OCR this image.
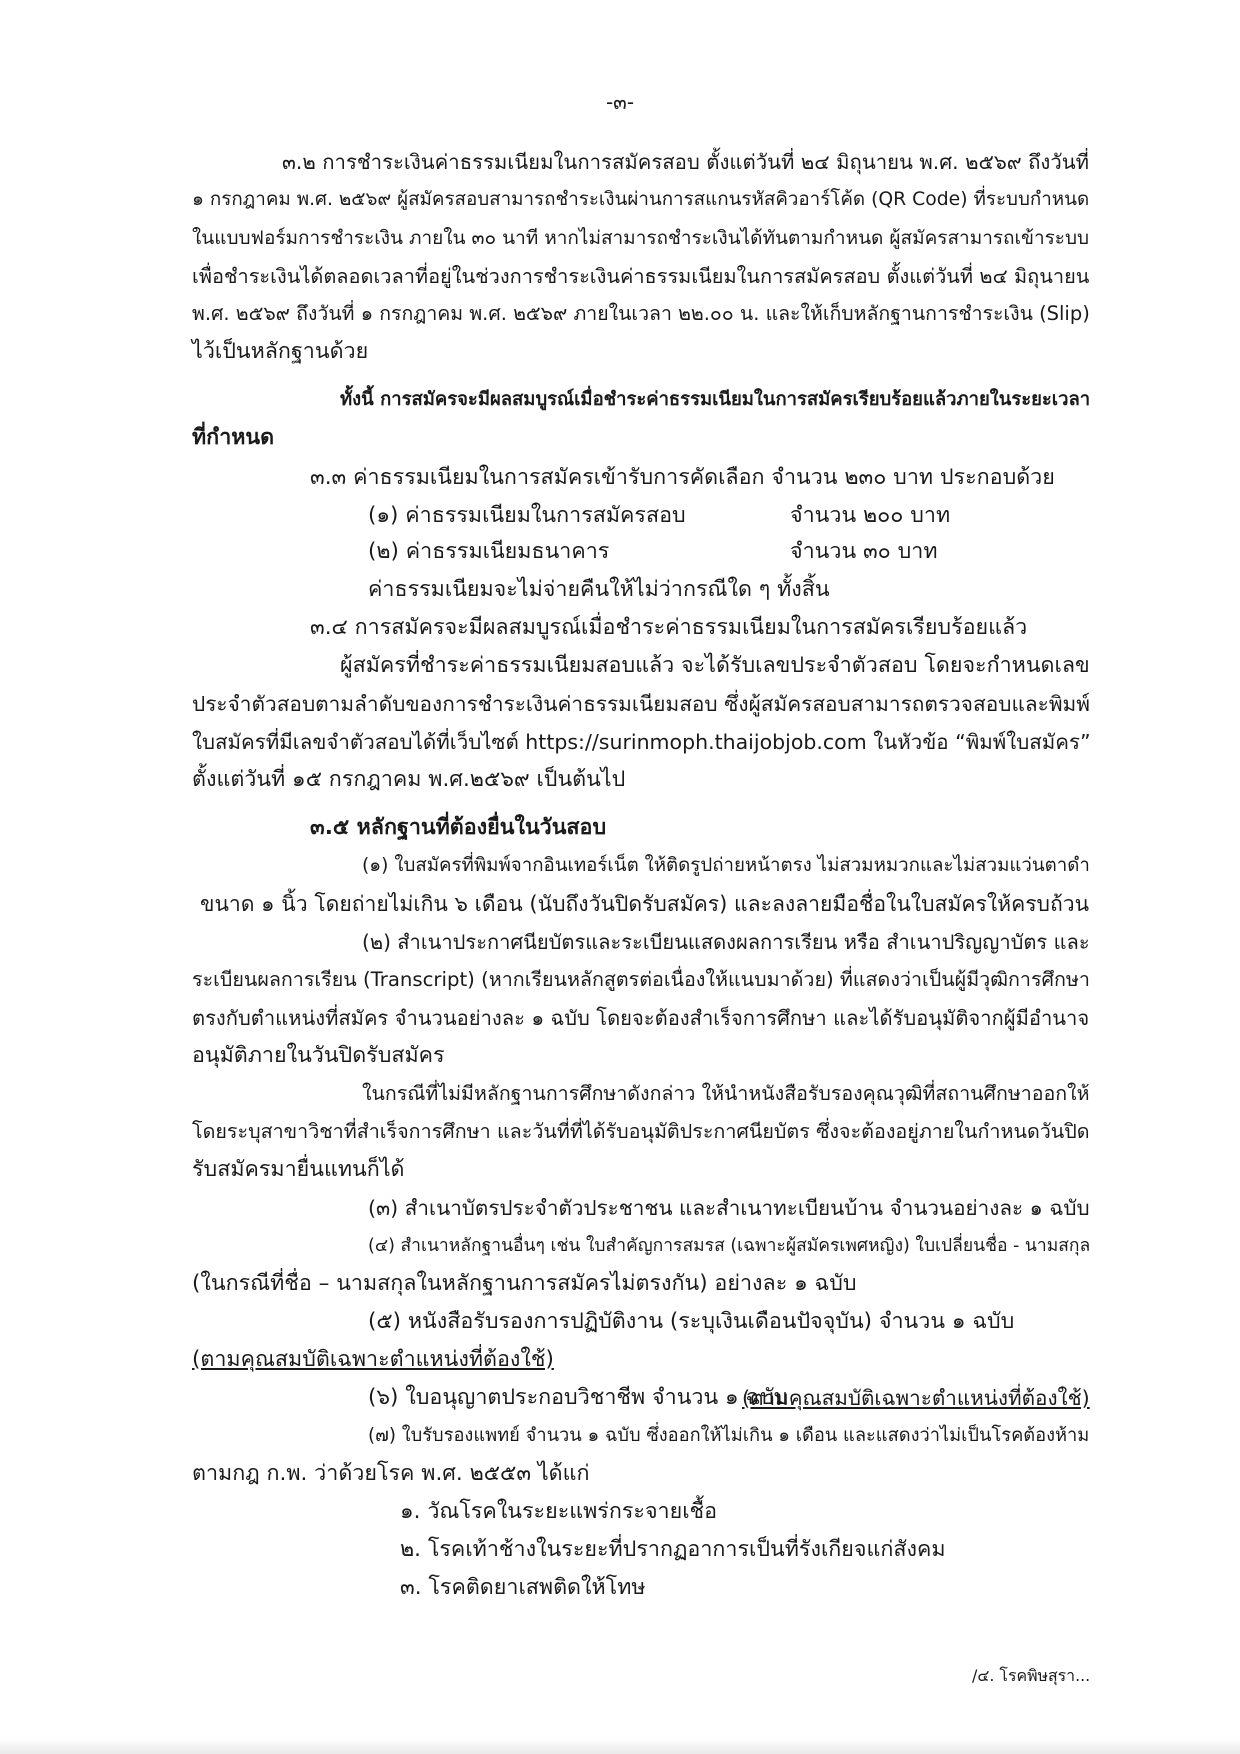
-๓-
๓.๒ การชำระเงินค่าธรรมเนียมในการสมัครสอบ ตั้งแต่วันที่ ๒๔ มิถุนายน พ.ศ. ๒๕๖๙ ถึงวันที่
๑ กรกฎาคม พ.ศ. ๒๕๖๙ ผู้สมัครสอบสามารถชำระเงินผ่านการสแกนรหัสคิวอาร์โค้ด (QR Code) ที่ระบบกำหนด
ในแบบฟอร์มการชำระเงิน ภายใน ๓๐ นาที หากไม่สามารถชำระเงินได้ทันตามกำหนด ผู้สมัครสามารถเข้าระบบ
เพื่อชำระเงินได้ตลอดเวลาที่อยู่ในช่วงการชำระเงินค่าธรรมเนียมในการสมัครสอบ ตั้งแต่วันที่ ๒๔ มิถุนายน
พ.ศ. ๒๕๖๙ ถึงวันที่ ๑ กรกฎาคม พ.ศ. ๒๕๖๙ ภายในเวลา ๒๒.๐๐ น. และให้เก็บหลักฐานการชำระเงิน (Slip)
ไว้เป็นหลักฐานด้วย
ทั้งนี้ การสมัครจะมีผลสมบูรณ์เมื่อชำระค่าธรรมเนียมในการสมัครเรียบร้อยแล้วภายในระยะเวลา
ที่กำหนด
๓.๓ ค่าธรรมเนียมในการสมัครเข้ารับการคัดเลือก จำนวน ๒๓๐ บาท ประกอบด้วย
(๑) ค่าธรรมเนียมในการสมัครสอบ	จำนวน ๒๐๐ บาท
(๒) ค่าธรรมเนียมธนาคาร	จำนวน ๓๐ บาท
ค่าธรรมเนียมจะไม่จ่ายคืนให้ไม่ว่ากรณีใด ๆ ทั้งสิ้น
๓.๔ การสมัครจะมีผลสมบูรณ์เมื่อชำระค่าธรรมเนียมในการสมัครเรียบร้อยแล้ว
ผู้สมัครที่ชำระค่าธรรมเนียมสอบแล้ว จะได้รับเลขประจำตัวสอบ โดยจะกำหนดเลข
ประจำตัวสอบตามลำดับของการชำระเงินค่าธรรมเนียมสอบ ซึ่งผู้สมัครสอบสามารถตรวจสอบและพิมพ์
ใบสมัครที่มีเลขจำตัวสอบได้ที่เว็บไซต์ https://surinmoph.thaijobjob.com ในหัวข้อ “พิมพ์ใบสมัคร”
ตั้งแต่วันที่ ๑๕ กรกฎาคม พ.ศ.๒๕๖๙ เป็นต้นไป
๓.๕ หลักฐานที่ต้องยื่นในวันสอบ
(๑) ใบสมัครที่พิมพ์จากอินเทอร์เน็ต ให้ติดรูปถ่ายหน้าตรง ไม่สวมหมวกและไม่สวมแว่นตาดำ
ขนาด ๑ นิ้ว โดยถ่ายไม่เกิน ๖ เดือน (นับถึงวันปิดรับสมัคร) และลงลายมือชื่อในใบสมัครให้ครบถ้วน
(๒) สำเนาประกาศนียบัตรและระเบียนแสดงผลการเรียน หรือ สำเนาปริญญาบัตร และ
ระเบียนผลการเรียน (Transcript) (หากเรียนหลักสูตรต่อเนื่องให้แนบมาด้วย) ที่แสดงว่าเป็นผู้มีวุฒิการศึกษา
ตรงกับตำแหน่งที่สมัคร จำนวนอย่างละ ๑ ฉบับ โดยจะต้องสำเร็จการศึกษา และได้รับอนุมัติจากผู้มีอำนาจ
อนุมัติภายในวันปิดรับสมัคร
ในกรณีที่ไม่มีหลักฐานการศึกษาดังกล่าว ให้นำหนังสือรับรองคุณวุฒิที่สถานศึกษาออกให้
โดยระบุสาขาวิชาที่สำเร็จการศึกษา และวันที่ที่ได้รับอนุมัติประกาศนียบัตร ซึ่งจะต้องอยู่ภายในกำหนดวันปิด
รับสมัครมายื่นแทนก็ได้
(๓) สำเนาบัตรประจำตัวประชาชน และสำเนาทะเบียนบ้าน จำนวนอย่างละ ๑ ฉบับ
(๔) สำเนาหลักฐานอื่นๆ เช่น ใบสำคัญการสมรส (เฉพาะผู้สมัครเพศหญิง) ใบเปลี่ยนชื่อ - นามสกุล
(ในกรณีที่ชื่อ – นามสกุลในหลักฐานการสมัครไม่ตรงกัน) อย่างละ ๑ ฉบับ
(๕) หนังสือรับรองการปฏิบัติงาน (ระบุเงินเดือนปัจจุบัน) จำนวน ๑ ฉบับ
(ตามคุณสมบัติเฉพาะตำแหน่งที่ต้องใช้)
(๖) ใบอนุญาตประกอบวิชาชีพ จำนวน ๑ ฉบับ
(ตามคุณสมบัติเฉพาะตำแหน่งที่ต้องใช้)
(๗) ใบรับรองแพทย์ จำนวน ๑ ฉบับ ซึ่งออกให้ไม่เกิน ๑ เดือน และแสดงว่าไม่เป็นโรคต้องห้าม
ตามกฎ ก.พ. ว่าด้วยโรค พ.ศ. ๒๕๕๓ ได้แก่
๑. วัณโรคในระยะแพร่กระจายเชื้อ
๒. โรคเท้าช้างในระยะที่ปรากฏอาการเป็นที่รังเกียจแก่สังคม
๓. โรคติดยาเสพติดให้โทษ
/๔. โรคพิษสุรา...
